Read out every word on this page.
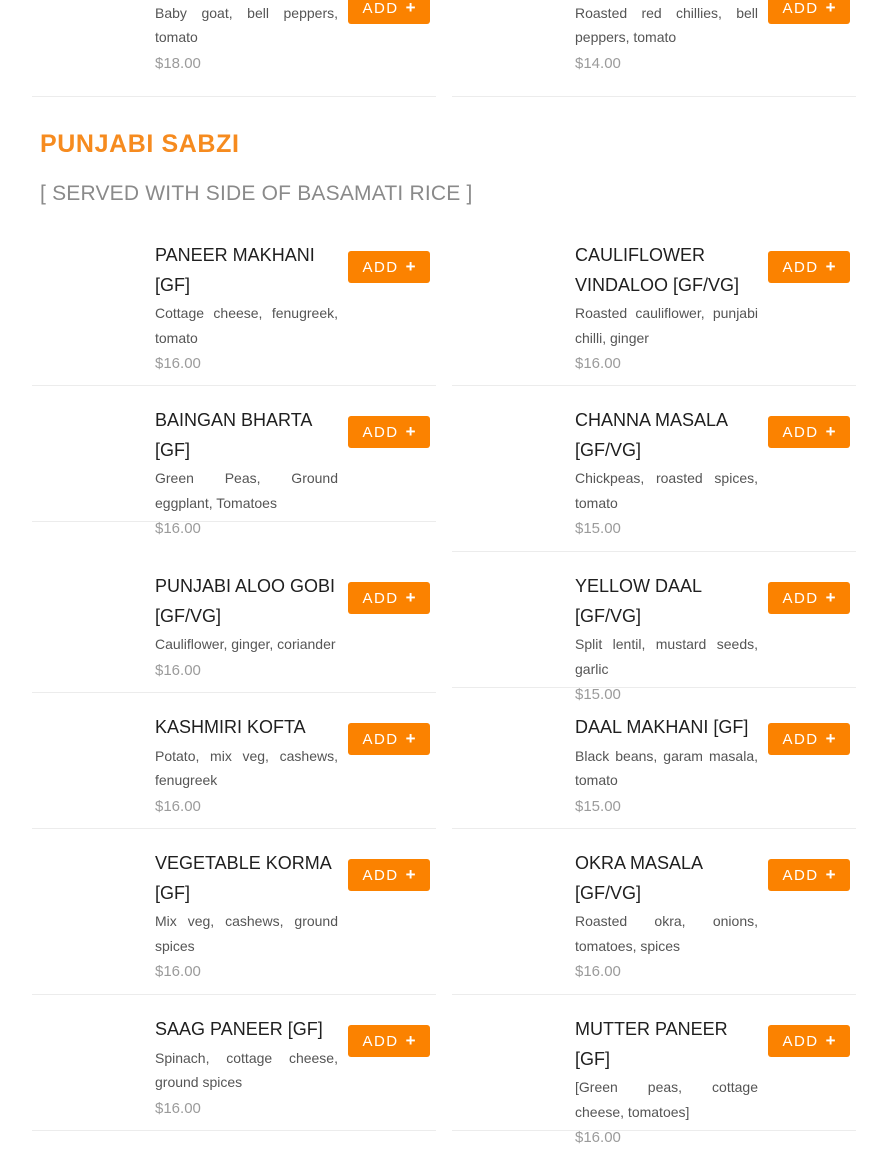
Baby goat, bell peppers, tomato
$18.00
ADD +	Roasted red chillies, bell peppers, tomato
$14.00
ADD +
PUNJABI SABZI
[ SERVED WITH SIDE OF BASAMATI RICE ]
PANEER MAKHANI [GF]
Cottage cheese, fenugreek, tomato
$16.00
ADD +
CAULIFLOWER VINDALOO [GF/VG]
Roasted cauliflower, punjabi chilli, ginger
$16.00
ADD +
BAINGAN BHARTA [GF]
Green Peas, Ground eggplant, Tomatoes
$16.00
ADD +
CHANNA MASALA [GF/VG]
Chickpeas, roasted spices, tomato
$15.00
ADD +
PUNJABI ALOO GOBI [GF/VG]
Cauliflower, ginger, coriander
$16.00
ADD +
YELLOW DAAL [GF/VG]
Split lentil, mustard seeds, garlic
$15.00
ADD +
KASHMIRI KOFTA
Potato, mix veg, cashews, fenugreek
$16.00
ADD +
DAAL MAKHANI [GF]
Black beans, garam masala, tomato
$15.00
ADD +
VEGETABLE KORMA [GF]
Mix veg, cashews, ground spices
$16.00
ADD +
OKRA MASALA [GF/VG]
Roasted okra, onions, tomatoes, spices
$16.00
ADD +
SAAG PANEER [GF]
Spinach, cottage cheese, ground spices
$16.00
ADD +
MUTTER PANEER [GF]
[Green peas, cottage cheese, tomatoes]
$16.00
ADD +
